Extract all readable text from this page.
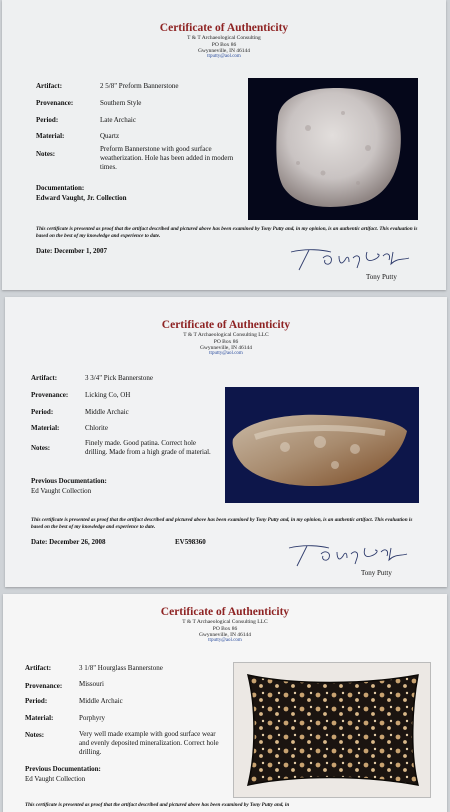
Certificate of Authenticity
T & T Archaeological Consulting
PO Box 86
Gwynneville, IN 46144
ttputty@aol.com
Artifact:	2 5/8" Preform Bannerstone
Provenance:	Southern Style
Period:	Late Archaic
Material:	Quartz
Notes:
Preform Bannerstone with good surface weatherization. Hole has been added in modern times.
Documentation:
Edward Vaught, Jr. Collection
This certificate is presented as proof that the artifact described and pictured above has been examined by Tony Putty and, in my opinion, is an authentic artifact. This evaluation is based on the best of my knowledge and experience to date.
Date: December 1, 2007
Tony Putty
Certificate of Authenticity
T & T Archaeological Consulting LLC
PO Box 86
Gwynneville, IN 46144
ttputty@aol.com
Artifact:	3 3/4" Pick Bannerstone
Provenance: Licking Co, OH
Period:	Middle Archaic
Material:	Chlorite
Notes:
Finely made. Good patina. Correct hole drilling. Made from a high grade of material.
Previous Documentation:
Ed Vaught Collection
This certificate is presented as proof that the artifact described and pictured above has been examined by Tony Putty and, in my opinion, is an authentic artifact. This evaluation is based on the best of my knowledge and experience to date.
Date: December 26, 2008	EV598360
Tony Putty
Certificate of Authenticity
T & T Archaeological Consulting LLC
PO Box 86
Gwynneville, IN 46144
ttputty@aol.com
Artifact:	3 1/8" Hourglass Bannerstone
Provenance: Missouri
Period:	Middle Archaic
Material:	Porphyry
Notes:	Very well made example with good surface wear and evenly deposited mineralization. Correct hole drilling.
Previous Documentation:
Ed Vaught Collection
This certificate is presented as proof that the artifact described and pictured above has been examined by Tony Putty and, in
